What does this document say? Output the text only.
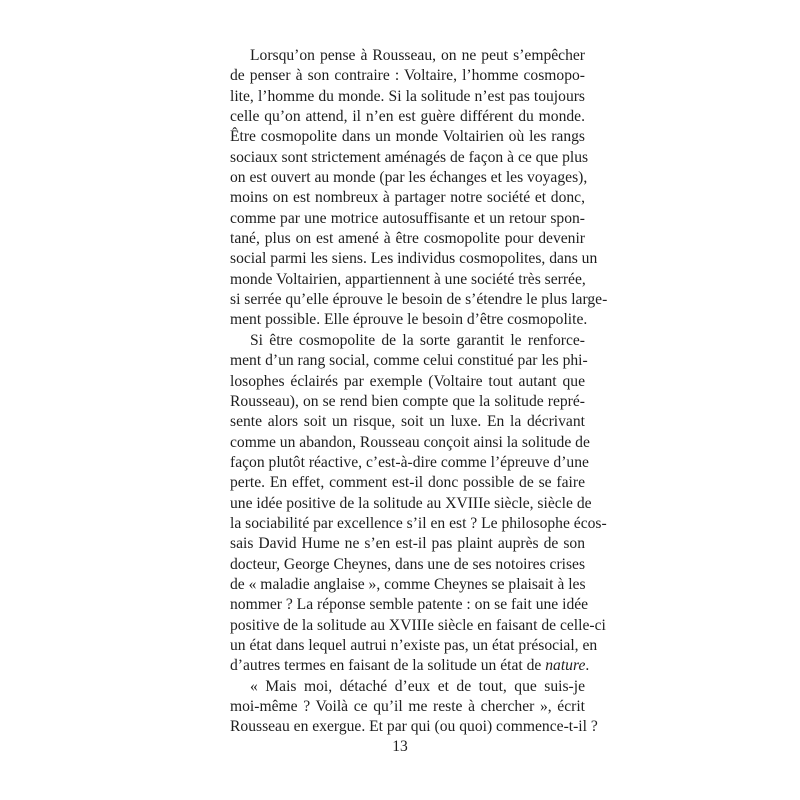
Lorsqu’on pense à Rousseau, on ne peut s’empêcher
de penser à son contraire : Voltaire, l’homme cosmopo-
lite, l’homme du monde. Si la solitude n’est pas toujours
celle qu’on attend, il n’en est guère différent du monde.
Être cosmopolite dans un monde Voltairien où les rangs
sociaux sont strictement aménagés de façon à ce que plus
on est ouvert au monde (par les échanges et les voyages),
moins on est nombreux à partager notre société et donc,
comme par une motrice autosuffisante et un retour spon-
tané, plus on est amené à être cosmopolite pour devenir
social parmi les siens. Les individus cosmopolites, dans un
monde Voltairien, appartiennent à une société très serrée,
si serrée qu’elle éprouve le besoin de s’étendre le plus large-
ment possible. Elle éprouve le besoin d’être cosmopolite.
Si être cosmopolite de la sorte garantit le renforce-
ment d’un rang social, comme celui constitué par les phi-
losophes éclairés par exemple (Voltaire tout autant que
Rousseau), on se rend bien compte que la solitude repré-
sente alors soit un risque, soit un luxe. En la décrivant
comme un abandon, Rousseau conçoit ainsi la solitude de
façon plutôt réactive, c’est-à-dire comme l’épreuve d’une
perte. En effet, comment est-il donc possible de se faire
une idée positive de la solitude au XVIIIe siècle, siècle de
la sociabilité par excellence s’il en est ? Le philosophe écos-
sais David Hume ne s’en est-il pas plaint auprès de son
docteur, George Cheynes, dans une de ses notoires crises
de « maladie anglaise », comme Cheynes se plaisait à les
nommer ? La réponse semble patente : on se fait une idée
positive de la solitude au XVIIIe siècle en faisant de celle-ci
un état dans lequel autrui n’existe pas, un état présocial, en
d’autres termes en faisant de la solitude un état de nature.
« Mais moi, détaché d’eux et de tout, que suis-je
moi-même ? Voilà ce qu’il me reste à chercher », écrit
Rousseau en exergue. Et par qui (ou quoi) commence-t-il ?
13
